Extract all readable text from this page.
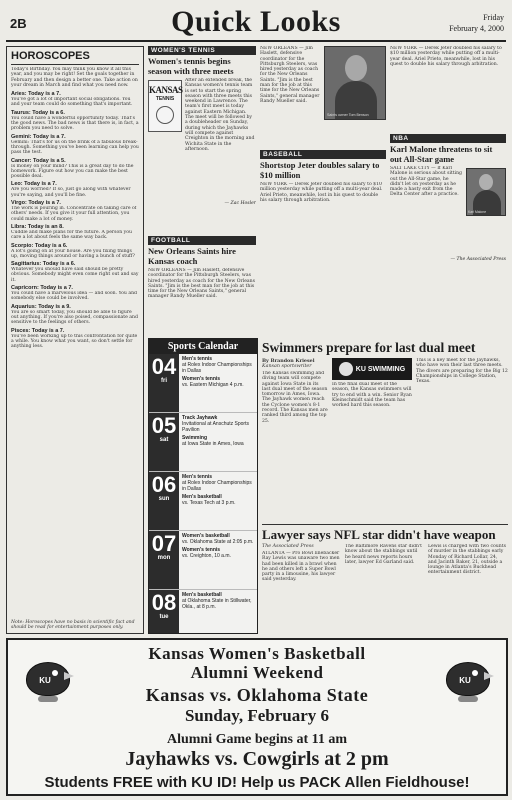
2B	Quick Looks	Friday
February 4, 2000
HOROSCOPES
Today's Birthday. You may think you know it all this year, and you may be right! Set the goals together in February and then design a better one. Take action on your dream in March and find what you need now.
Aries: Today is a 7.
You've got a lot of important social obligations. You and your team could do something that's important.
Taurus: Today is a 6.
You could have a wonderful opportunity today. That's the good news. The bad news is that there is, in fact, a problem you need to solve.
Gemini: Today is a 7.
Gemini: That's for us on the brink of a fabulous break-through. Something you've been learning can help you pass the test.
Cancer: Today is a 5.
Is money on your mind? This is a great day to do the homework. Figure out how you can make the best possible deal.
Leo: Today is a 7.
Are you worried? If so, just go along with whatever you're saying, and you'll be fine.
Virgo: Today is a 7.
The work is pouring in. Concentrate on taking care of others' needs. If you give it your full attention, you could make a lot of money.
Libra: Today is an 8.
Cuddle and make plans for the future. A person you care a lot about feels the same way back.
Scorpio: Today is a 6.
A lot's going on at your house. Are you fixing things up, moving things around or having a bunch of stuff?
Sagittarius: Today is a 6.
Whatever you should have said should be pretty obvious. Somebody might even come right out and say it.
Capricorn: Today is a 7.
You could have a marvelous idea — and soon. You and somebody else could be involved.
Aquarius: Today is a 9.
You are so smart today, you should be able to figure out anything. If you're also poised, compassionate and sensitive to the feelings of others.
Pisces: Today is a 7.
You've been working up to this confrontation for quite a while. You know what you want, so don't settle for anything less.
Note: Horoscopes have no basis in scientific fact and should be read for entertainment purposes only.
WOMEN'S TENNIS
Women's tennis begins season with three meets
KANSAS
TENNIS
After an extended break, the Kansas women's tennis team is set to start the spring season with three meets this weekend in Lawrence. The team's first meet is today against Eastern Michigan. The meet will be followed by a doubleheader on Sunday, during which the Jayhawks will compete against Creighton in the morning and Wichita State in the afternoon.
— Zac Hosler
FOOTBALL
New Orleans Saints hire Kansas coach
NEW ORLEANS — Jim Haslett, defensive coordinator for the Pittsburgh Steelers, was hired yesterday as coach for the New Orleans Saints. "Jim is the best man for the job at this time for the New Orleans Saints," general manager Randy Mueller said.
Saints owner Tom Benson
NEW ORLEANS — Jim Haslett, defensive coordinator for the Pittsburgh Steelers, was hired yesterday as coach for the New Orleans Saints. "Jim is the best man for the job at this time for the New Orleans Saints," general manager Randy Mueller said.
BASEBALL
Shortstop Jeter doubles salary to $10 million
NEW YORK — Derek Jeter doubled his salary to $10 million yesterday while putting off a multi-year deal. Ariel Prieto, meanwhile, lost in his quest to double his salary through arbitration.
NEW YORK — Derek Jeter doubled his salary to $10 million yesterday while putting off a multi-year deal. Ariel Prieto, meanwhile, lost in his quest to double his salary through arbitration.
NBA
Karl Malone threatens to sit out All-Star game
Karl Malone
SALT LAKE CITY — If Karl Malone is serious about sitting out the All-Star game, he didn't let on yesterday as he made a hasty exit from the Delta Center after a practice.
— The Associated Press
Sports Calendar
04
fri
Men's tennis
at Rolex Indoor Championships in Dallas
Women's tennis
vs. Eastern Michigan 4 p.m.
05
sat
Track Jayhawk
Invitational at Anschutz Sports Pavilion
Swimming
at Iowa State in Ames, Iowa
06
sun
Men's tennis
at Rolex Indoor Championships in Dallas
Men's basketball
vs. Texas Tech at 3 p.m.
07
mon
Women's basketball
vs. Oklahoma State at 2:05 p.m.
Women's tennis
vs. Creighton, 10 a.m.
08
tue
Men's basketball
at Oklahoma State in Stillwater, Okla., at 8 p.m.
Swimmers prepare for last dual meet
By Brandon Kriesel
Kansan sportswriter
The Kansas swimming and diving team will compete against Iowa State in its last dual meet of the season tomorrow in Ames, Iowa. The Jayhawk women reach the Cyclone women's 8-1 record. The Kansas men are ranked third among the top 25.
KU SWIMMING
In the final dual meet of the season, the Kansas swimmers will try to end with a win. Senior Ryan Kleinschmidt said the team has worked hard this season.
This is a key meet for the Jayhawks, who have won their last three meets. The divers are preparing for the Big 12 Championships in College Station, Texas.
Lawyer says NFL star didn't have weapon
The Associated Press
ATLANTA — Pro Bowl linebacker Ray Lewis was unaware two men had been killed in a brawl when he and others left a Super Bowl party in a limousine, his lawyer said yesterday.
The Baltimore Ravens star didn't know about the stabbings until he heard news reports hours later, lawyer Ed Garland said.
Lewis is charged with two counts of murder in the stabbings early Monday of Richard Lollar, 24, and Jacinth Baker, 21, outside a lounge in Atlanta's Buckhead entertainment district.
KU	KU
Kansas Women's Basketball
Alumni Weekend
Kansas vs. Oklahoma State
Sunday, February 6
Alumni Game begins at 11 am
Jayhawks vs. Cowgirls at 2 pm
Students FREE with KU ID! Help us PACK Allen Fieldhouse!
